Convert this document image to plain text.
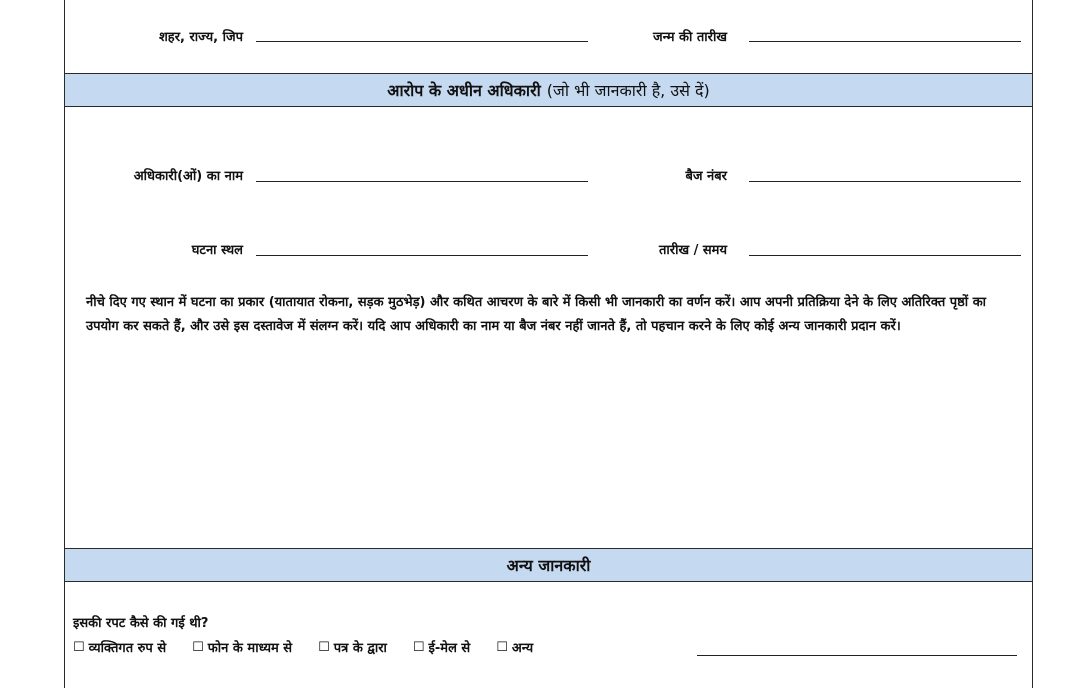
शहर, राज्य, जिप	जन्म की तारीख
आरोप के अधीन अधिकारी (जो भी जानकारी है, उसे दें)
अधिकारी(ओं) का नाम	बैज नंबर
घटना स्थल	तारीख / समय

नीचे दिए गए स्थान में घटना का प्रकार (यातायात रोकना, सड़क मुठभेड़) और कथित आचरण के बारे में किसी भी जानकारी का वर्णन करें। आप अपनी प्रतिक्रिया देने के लिए अतिरिक्त पृष्ठों का उपयोग कर सकते हैं, और उसे इस दस्तावेज में संलग्न करें। यदि आप अधिकारी का नाम या बैज नंबर नहीं जानते हैं, तो पहचान करने के लिए कोई अन्य जानकारी प्रदान करें।

अन्य जानकारी
इसकी रपट कैसे की गई थी?
☐ व्यक्तिगत रुप से ☐ फोन के माध्यम से ☐ पत्र के द्वारा ☐ ई-मेल से ☐ अन्य
